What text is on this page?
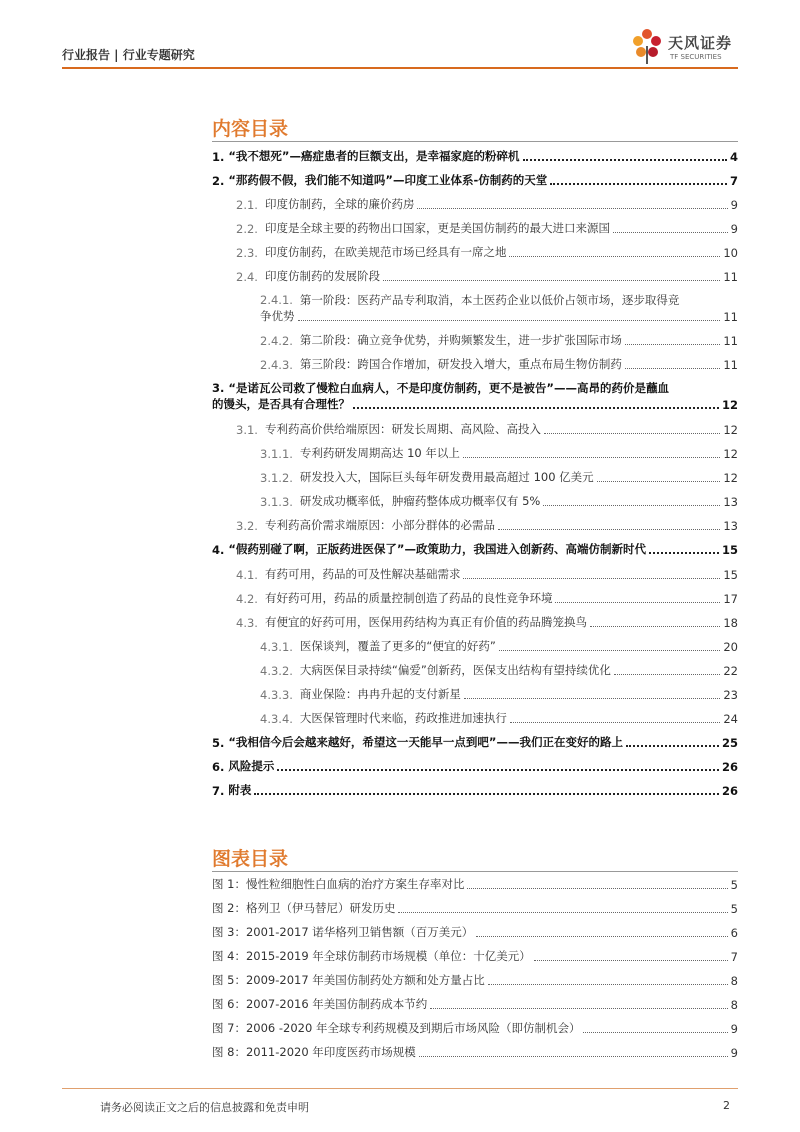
行业报告 | 行业专题研究
天风证券
TF SECURITIES
内容目录
1. “我不想死”—癌症患者的巨额支出，是幸福家庭的粉碎机	4
2. “那药假不假，我们能不知道吗”—印度工业体系-仿制药的天堂	7
2.1. 印度仿制药，全球的廉价药房	9
2.2. 印度是全球主要的药物出口国家，更是美国仿制药的最大进口来源国	9
2.3. 印度仿制药，在欧美规范市场已经具有一席之地	10
2.4. 印度仿制药的发展阶段	11
2.4.1. 第一阶段：医药产品专利取消，本土医药企业以低价占领市场，逐步取得竞
争优势	11
2.4.2. 第二阶段：确立竞争优势，并购频繁发生，进一步扩张国际市场	11
2.4.3. 第三阶段：跨国合作增加，研发投入增大，重点布局生物仿制药	11
3. “是诺瓦公司救了慢粒白血病人，不是印度仿制药，更不是被告”——高昂的药价是蘸血
的馒头，是否具有合理性？	12
3.1. 专利药高价供给端原因：研发长周期、高风险、高投入	12
3.1.1. 专利药研发周期高达 10 年以上	12
3.1.2. 研发投入大，国际巨头每年研发费用最高超过 100 亿美元	12
3.1.3. 研发成功概率低，肿瘤药整体成功概率仅有 5%	13
3.2. 专利药高价需求端原因：小部分群体的必需品	13
4. “假药别碰了啊，正版药进医保了”—政策助力，我国进入创新药、高端仿制新时代	15
4.1. 有药可用，药品的可及性解决基础需求	15
4.2. 有好药可用，药品的质量控制创造了药品的良性竞争环境	17
4.3. 有便宜的好药可用，医保用药结构为真正有价值的药品腾笼换鸟	18
4.3.1. 医保谈判，覆盖了更多的“便宜的好药”	20
4.3.2. 大病医保目录持续“偏爱”创新药，医保支出结构有望持续优化	22
4.3.3. 商业保险：冉冉升起的支付新星	23
4.3.4. 大医保管理时代来临，药政推进加速执行	24
5. “我相信今后会越来越好，希望这一天能早一点到吧”——我们正在变好的路上	25
6. 风险提示	26
7. 附表	26
图表目录
图 1：慢性粒细胞性白血病的治疗方案生存率对比	5
图 2：格列卫（伊马替尼）研发历史	5
图 3：2001-2017 诺华格列卫销售额（百万美元）	6
图 4：2015-2019 年全球仿制药市场规模（单位：十亿美元）	7
图 5：2009-2017 年美国仿制药处方额和处方量占比	8
图 6：2007-2016 年美国仿制药成本节约	8
图 7：2006 -2020 年全球专利药规模及到期后市场风险（即仿制机会）	9
图 8：2011-2020 年印度医药市场规模	9
请务必阅读正文之后的信息披露和免责申明	2
